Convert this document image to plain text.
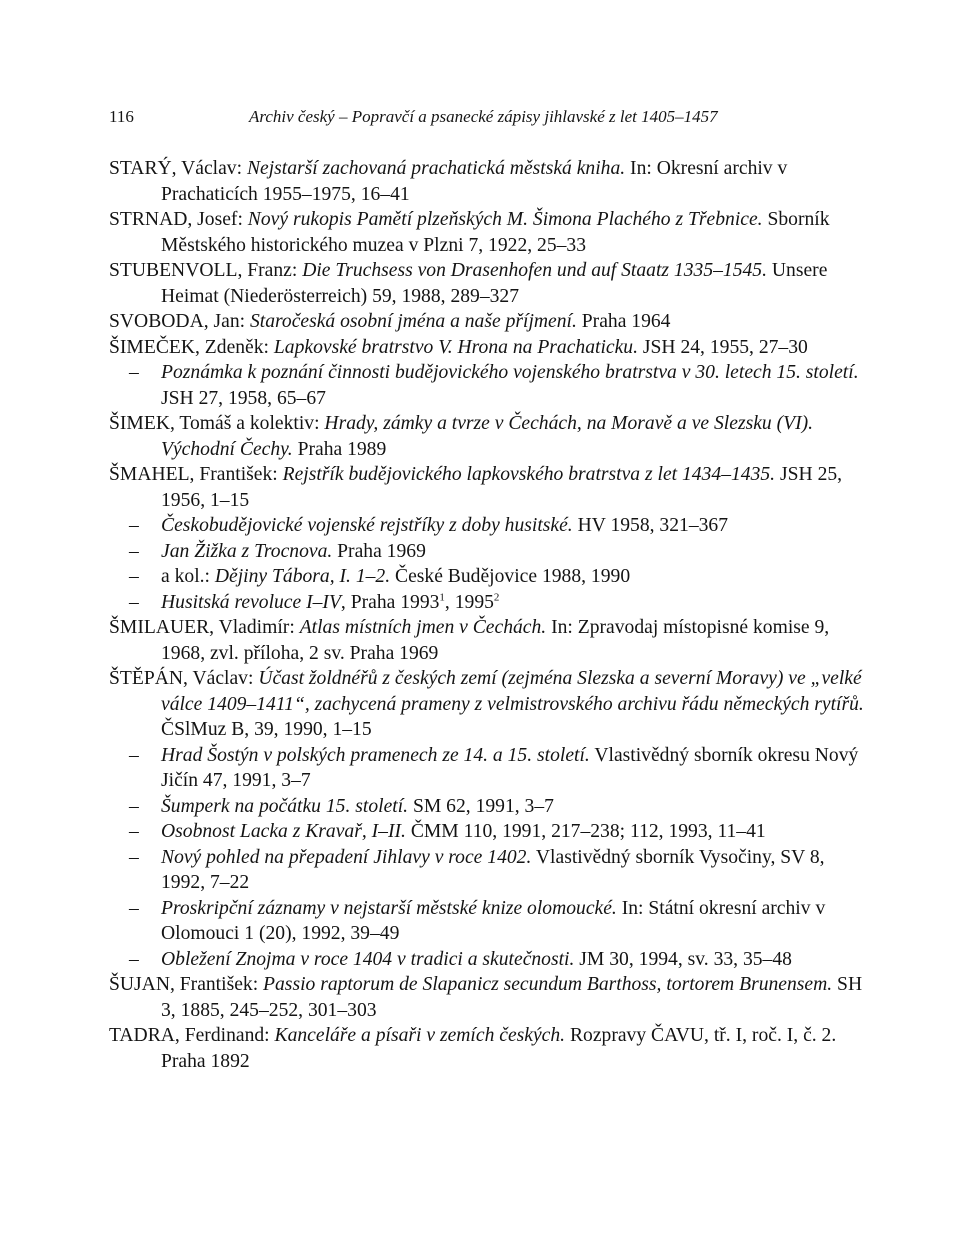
116	Archiv český – Popravčí a psanecké zápisy jihlavské z let 1405–1457

STARÝ, Václav: Nejstarší zachovaná prachatická městská kniha. In: Okresní archiv v Prachaticích 1955–1975, 16–41

STRNAD, Josef: Nový rukopis Pamětí plzeňských M. Šimona Plachého z Třebnice. Sborník Městského historického muzea v Plzni 7, 1922, 25–33

STUBENVOLL, Franz: Die Truchsess von Drasenhofen und auf Staatz 1335–1545. Unsere Heimat (Niederösterreich) 59, 1988, 289–327

SVOBODA, Jan: Staročeská osobní jména a naše příjmení. Praha 1964

ŠIMEČEK, Zdeněk: Lapkovské bratrstvo V. Hrona na Prachaticku. JSH 24, 1955, 27–30

– Poznámka k poznání činnosti budějovického vojenského bratrstva v 30. letech 15. století. JSH 27, 1958, 65–67

ŠIMEK, Tomáš a kolektiv: Hrady, zámky a tvrze v Čechách, na Moravě a ve Slezsku (VI). Východní Čechy. Praha 1989

ŠMAHEL, František: Rejstřík budějovického lapkovského bratrstva z let 1434–1435. JSH 25, 1956, 1–15

– Českobudějovické vojenské rejstříky z doby husitské. HV 1958, 321–367

– Jan Žižka z Trocnova. Praha 1969

– a kol.: Dějiny Tábora, I. 1–2. České Budějovice 1988, 1990

– Husitská revoluce I–IV, Praha 1993$^1$, 1995$^2$

ŠMILAUER, Vladimír: Atlas místních jmen v Čechách. In: Zpravodaj místopisné komise 9, 1968, zvl. příloha, 2 sv. Praha 1969

ŠTĚPÁN, Václav: Účast žoldnéřů z českých zemí (zejména Slezska a severní Moravy) ve „velké válce 1409–1411“, zachycená prameny z velmistrovského archivu řádu německých rytířů. ČSlMuz B, 39, 1990, 1–15

– Hrad Šostýn v polských pramenech ze 14. a 15. století. Vlastivědný sborník okresu Nový Jičín 47, 1991, 3–7

– Šumperk na počátku 15. století. SM 62, 1991, 3–7

– Osobnost Lacka z Kravař, I–II. ČMM 110, 1991, 217–238; 112, 1993, 11–41

– Nový pohled na přepadení Jihlavy v roce 1402. Vlastivědný sborník Vysočiny, SV 8, 1992, 7–22

– Proskripční záznamy v nejstarší městské knize olomoucké. In: Státní okresní archiv v Olomouci 1 (20), 1992, 39–49

– Obležení Znojma v roce 1404 v tradici a skutečnosti. JM 30, 1994, sv. 33, 35–48

ŠUJAN, František: Passio raptorum de Slapanicz secundum Barthoss, tortorem Brunensem. SH 3, 1885, 245–252, 301–303

TADRA, Ferdinand: Kanceláře a písaři v zemích českých. Rozpravy ČAVU, tř. I, roč. I, č. 2. Praha 1892
